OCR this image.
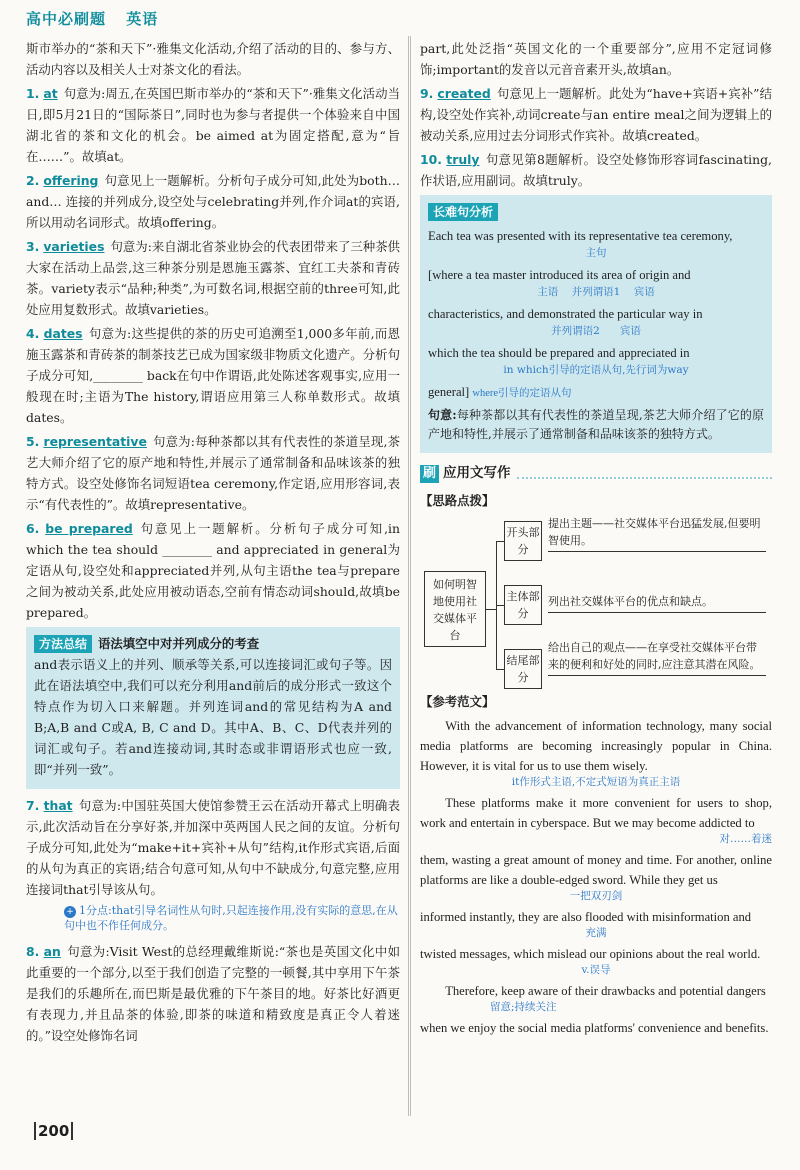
高中必刷题 英语

斯市举办的“茶和天下”·雅集文化活动,介绍了活动的目的、参与方、活动内容以及相关人士对茶文化的看法。

1. at 句意为:周五,在英国巴斯市举办的“茶和天下”·雅集文化活动当日,即5月21日的“国际茶日”,同时也为参与者提供一个体验来自中国湖北省的茶和文化的机会。be aimed at为固定搭配,意为“旨在……”。故填at。

2. offering 句意见上一题解析。分析句子成分可知,此处为both… and… 连接的并列成分,设空处与celebrating并列,作介词at的宾语,所以用动名词形式。故填offering。

3. varieties 句意为:来自湖北省茶业协会的代表团带来了三种茶供大家在活动上品尝,这三种茶分别是恩施玉露茶、宜红工夫茶和青砖茶。variety表示“品种;种类”,为可数名词,根据空前的three可知,此处应用复数形式。故填varieties。

4. dates 句意为:这些提供的茶的历史可追溯至1,000多年前,而恩施玉露茶和青砖茶的制茶技艺已成为国家级非物质文化遗产。分析句子成分可知,________ back在句中作谓语,此处陈述客观事实,应用一般现在时;主语为The history,谓语应用第三人称单数形式。故填dates。

5. representative 句意为:每种茶都以其有代表性的茶道呈现,茶艺大师介绍了它的原产地和特性,并展示了通常制备和品味该茶的独特方式。设空处修饰名词短语tea ceremony,作定语,应用形容词,表示“有代表性的”。故填representative。

6. be prepared 句意见上一题解析。分析句子成分可知,in which the tea should ________ and appreciated in general为定语从句,设空处和appreciated并列,从句主语the tea与prepare之间为被动关系,此处应用被动语态,空前有情态动词should,故填be prepared。

方法总结 语法填空中对并列成分的考查

and表示语义上的并列、顺承等关系,可以连接词汇或句子等。因此在语法填空中,我们可以充分利用and前后的成分形式一致这个特点作为切入口来解题。并列连词and的常见结构为A and B;A,B and C或A, B, C and D。其中A、B、C、D代表并列的词汇或句子。若and连接动词,其时态或非谓语形式也应一致,即“并列一致”。

7. that 句意为:中国驻英国大使馆参赞王云在活动开幕式上明确表示,此次活动旨在分享好茶,并加深中英两国人民之间的友谊。分析句子成分可知,此处为“make+it+宾补+从句”结构,it作形式宾语,后面的从句为真正的宾语;结合句意可知,从句中不缺成分,句意完整,应用连接词that引导该从句。

+ 1分点:that引导名词性从句时,只起连接作用,没有实际的意思,在从句中也不作任何成分。

8. an 句意为:Visit West的总经理戴维斯说:“茶也是英国文化中如此重要的一个部分,以至于我们创造了完整的一顿餐,其中享用下午茶是我们的乐趣所在,而巴斯是最优雅的下午茶目的地。好茶比好酒更有表现力,并且品茶的体验,即茶的味道和精致度是真正令人着迷的。”设空处修饰名词

part,此处泛指“英国文化的一个重要部分”,应用不定冠词修饰;important的发音以元音音素开头,故填an。

9. created 句意见上一题解析。此处为“have+宾语+宾补”结构,设空处作宾补,动词create与an entire meal之间为逻辑上的被动关系,应用过去分词形式作宾补。故填created。

10. truly 句意见第8题解析。设空处修饰形容词fascinating,作状语,应用副词。故填truly。

长难句分析

Each tea was presented with its representative tea ceremony,

主句

[where a tea master introduced its area of origin and

主语 并列谓语1 宾语

characteristics, and demonstrated the particular way in

并列谓语2 宾语

which the tea should be prepared and appreciated in

in which引导的定语从句,先行词为way

general] where引导的定语从句

句意:每种茶都以其有代表性的茶道呈现,茶艺大师介绍了它的原产地和特性,并展示了通常制备和品味该茶的独特方式。

刷 应用文写作
【思路点拨】
如何明智地使用社交媒体平台
开头部分
提出主题——社交媒体平台迅猛发展,但要明智使用。
主体部分
列出社交媒体平台的优点和缺点。
结尾部分
给出自己的观点——在享受社交媒体平台带来的便利和好处的同时,应注意其潜在风险。
【参考范文】

With the advancement of information technology, many social media platforms are becoming increasingly popular in China. However, it is vital for us to use them wisely.

it作形式主语,不定式短语为真正主语

These platforms make it more convenient for users to shop, work and entertain in cyberspace. But we may become addicted to

对……着迷

them, wasting a great amount of money and time. For another, online platforms are like a double-edged sword. While they get us

一把双刃剑

informed instantly, they are also flooded with misinformation and

充满

twisted messages, which mislead our opinions about the real world.

v.误导

Therefore, keep aware of their drawbacks and potential dangers

留意;持续关注

when we enjoy the social media platforms' convenience and benefits.

200
